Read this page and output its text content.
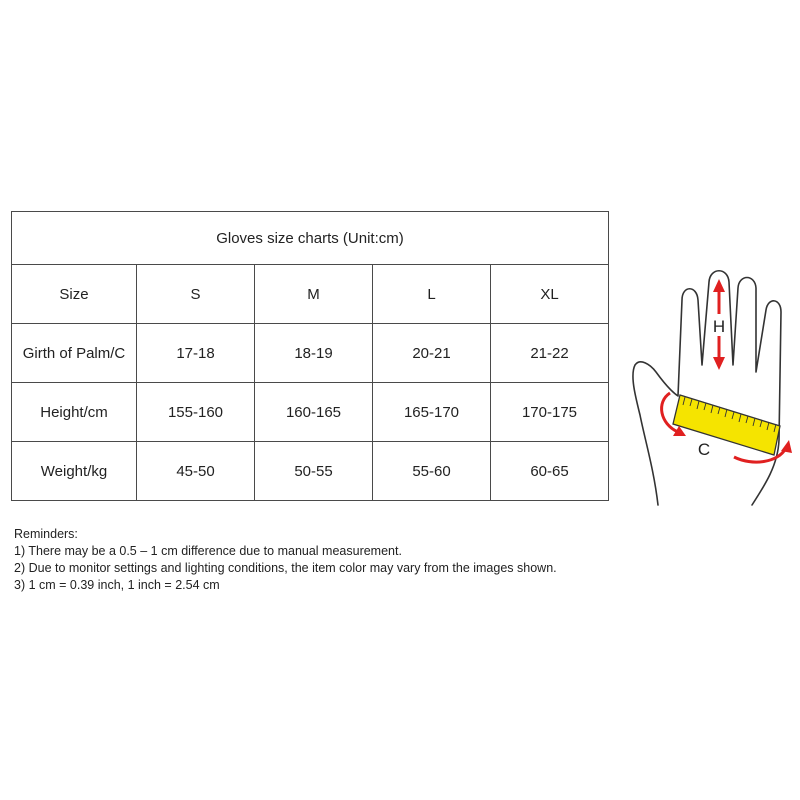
Gloves size charts (Unit:cm)				
Size	S	M	L	XL
Girth of Palm/C	17-18	18-19	20-21	21-22
Height/cm	155-160	160-165	165-170	170-175
Weight/kg	45-50	50-55	55-60	60-65
Reminders:
1) There may be a 0.5 – 1 cm difference due to manual measurement.
2) Due to monitor settings and lighting conditions, the item color may vary from the images shown.
3) 1 cm = 0.39 inch, 1 inch = 2.54 cm
H
C
